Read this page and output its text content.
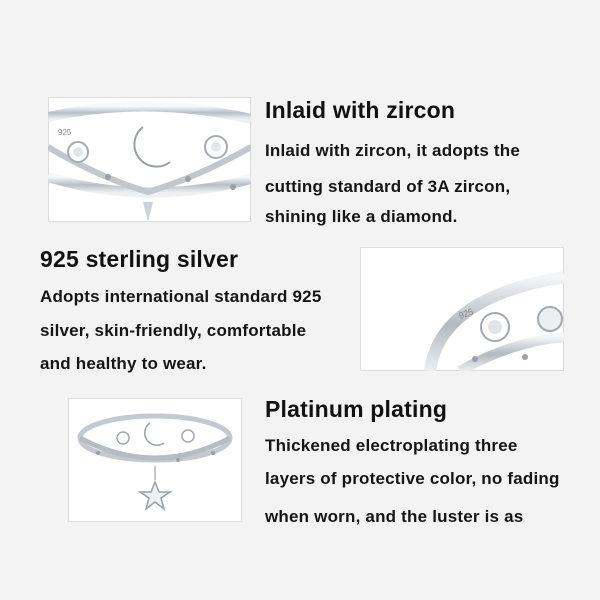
925
Inlaid with zircon
Inlaid with zircon, it adopts the
cutting standard of 3A zircon,
shining like a diamond.
925 sterling silver
Adopts international standard 925
silver, skin-friendly, comfortable
and healthy to wear.
925
Platinum plating
Thickened electroplating three
layers of protective color, no fading
when worn, and the luster is as
